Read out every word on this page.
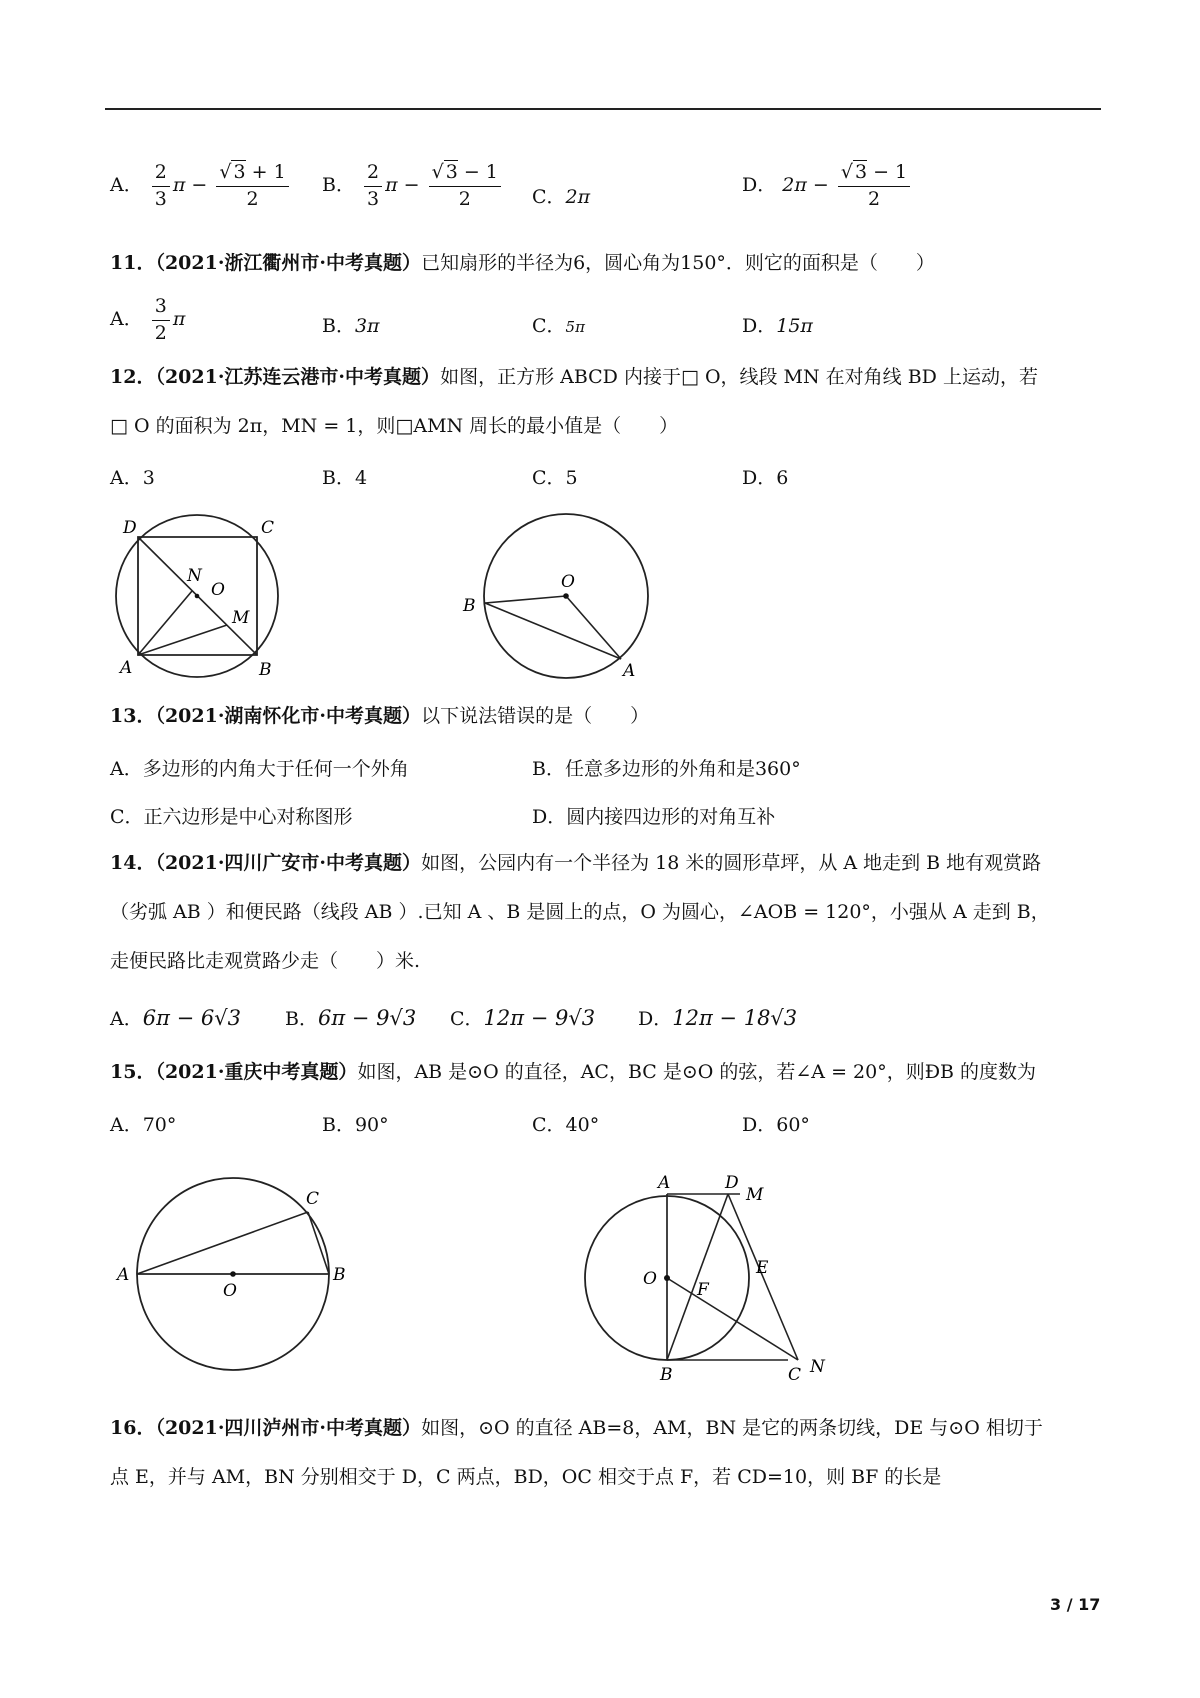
A． $\frac{2}{3}$ $\pi - \frac{√ 3 + 1}{2}$ B． $\frac{2}{3}$ $\pi - \frac{√ 3 - 1}{2}$ C．2π
D． $2\pi - \frac{√ 3 - 1}{2}$
11．（2021·浙江衢州市·中考真题）已知扇形的半径为6，圆心角为150°．则它的面积是（　　）
A． $\frac{3}{2}$ π	B．3π	C．5π	D．15π
12．（2021·江苏连云港市·中考真题）如图，正方形 ABCD 内接于□ O，线段 MN 在对角线 BD 上运动，若
□ O 的面积为 2π，MN = 1，则□AMN 周长的最小值是（　　）
A．3	B．4	C．5	D．6
D	C
N
O
M
A	B
B
O
A
13．（2021·湖南怀化市·中考真题）以下说法错误的是（　　）
A．多边形的内角大于任何一个外角	B．任意多边形的外角和是360°
C．正六边形是中心对称图形	D．圆内接四边形的对角互补
14．（2021·四川广安市·中考真题）如图，公园内有一个半径为 18 米的圆形草坪，从 A 地走到 B 地有观赏路
（劣弧 AB ）和便民路（线段 AB ）.已知 A 、B 是圆上的点，O 为圆心，∠AOB = 120°，小强从 A 走到 B，
走便民路比走观赏路少走（　　）米.
A．6π − 6√3 B．6π − 9√3 C．12π − 9√3 D．12π − 18√3
15．（2021·重庆中考真题）如图，AB 是⊙O 的直径，AC，BC 是⊙O 的弦，若∠A = 20°，则ÐB 的度数为
A．70°	B．90°	C．40°	D．60°
A	B
C
O
A	D
M
E
O
F
B	C N
16．（2021·四川泸州市·中考真题）如图，⊙O 的直径 AB=8，AM，BN 是它的两条切线，DE 与⊙O 相切于
点 E，并与 AM，BN 分别相交于 D，C 两点，BD，OC 相交于点 F，若 CD=10，则 BF 的长是
3 / 17
